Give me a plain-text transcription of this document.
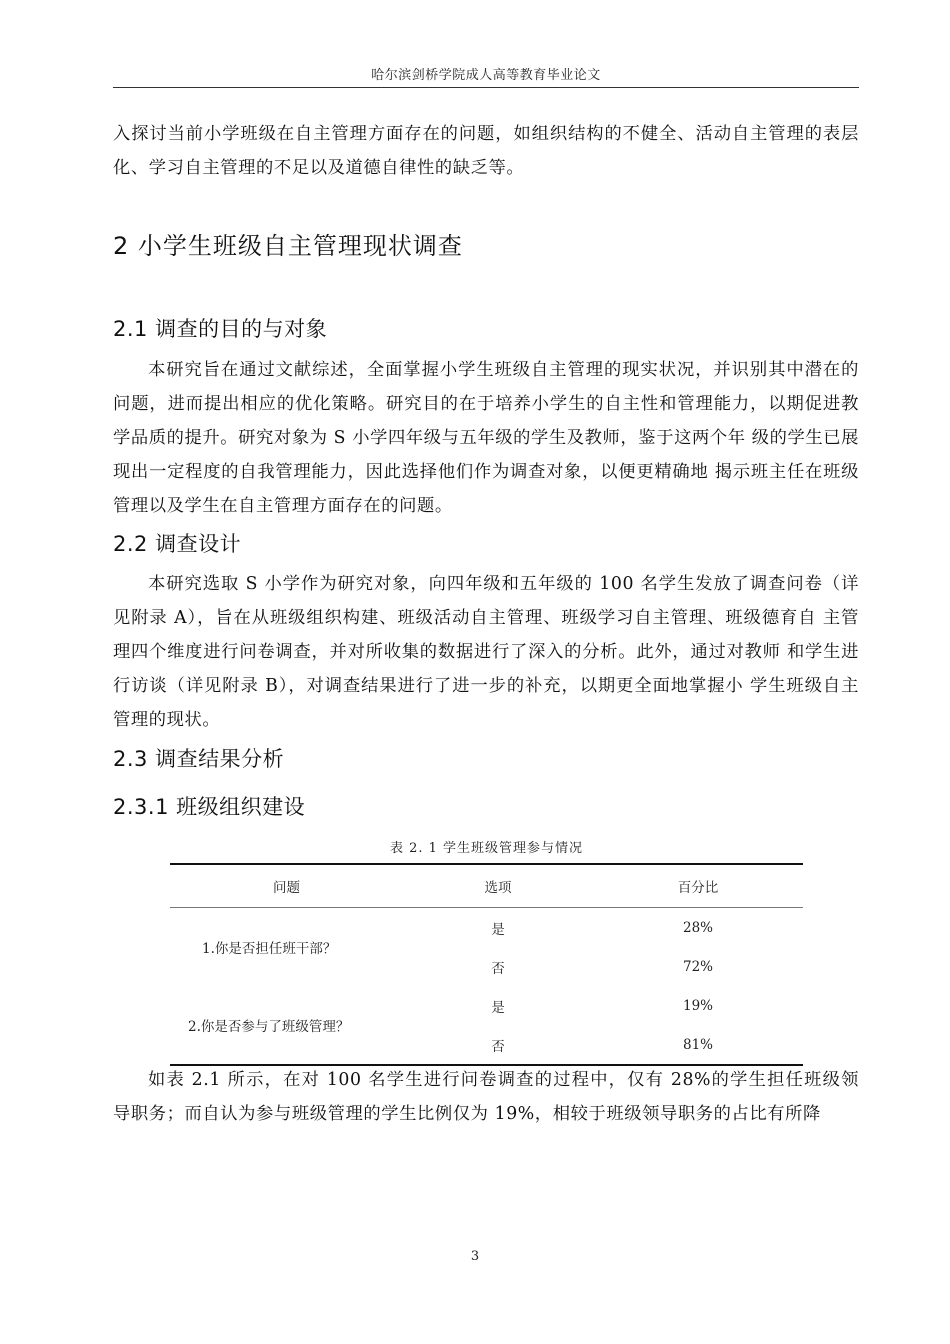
哈尔滨剑桥学院成人高等教育毕业论文
入探讨当前小学班级在自主管理方面存在的问题，如组织结构的不健全、活动自主管理的表层化、学习自主管理的不足以及道德自律性的缺乏等。
2 小学生班级自主管理现状调查
2.1 调查的目的与对象
本研究旨在通过文献综述，全面掌握小学生班级自主管理的现实状况，并识别其中潜在的问题，进而提出相应的优化策略。研究目的在于培养小学生的自主性和管理能力，以期促进教学品质的提升。研究对象为 S 小学四年级与五年级的学生及教师，鉴于这两个年 级的学生已展现出一定程度的自我管理能力，因此选择他们作为调查对象，以便更精确地 揭示班主任在班级管理以及学生在自主管理方面存在的问题。
2.2 调查设计
本研究选取 S 小学作为研究对象，向四年级和五年级的 100 名学生发放了调查问卷（详 见附录 A），旨在从班级组织构建、班级活动自主管理、班级学习自主管理、班级德育自 主管理四个维度进行问卷调查，并对所收集的数据进行了深入的分析。此外，通过对教师 和学生进行访谈（详见附录 B），对调查结果进行了进一步的补充，以期更全面地掌握小 学生班级自主管理的现状。
2.3 调查结果分析
2.3.1 班级组织建设
表 2. 1 学生班级管理参与情况
问题	选项	百分比
1.你是否担任班干部？	是	28%
	否	72%
2.你是否参与了班级管理？	是	19%
	否	81%
如表 2.1 所示，在对 100 名学生进行问卷调查的过程中，仅有 28%的学生担任班级领 导职务；而自认为参与班级管理的学生比例仅为 19%，相较于班级领导职务的占比有所降
3
